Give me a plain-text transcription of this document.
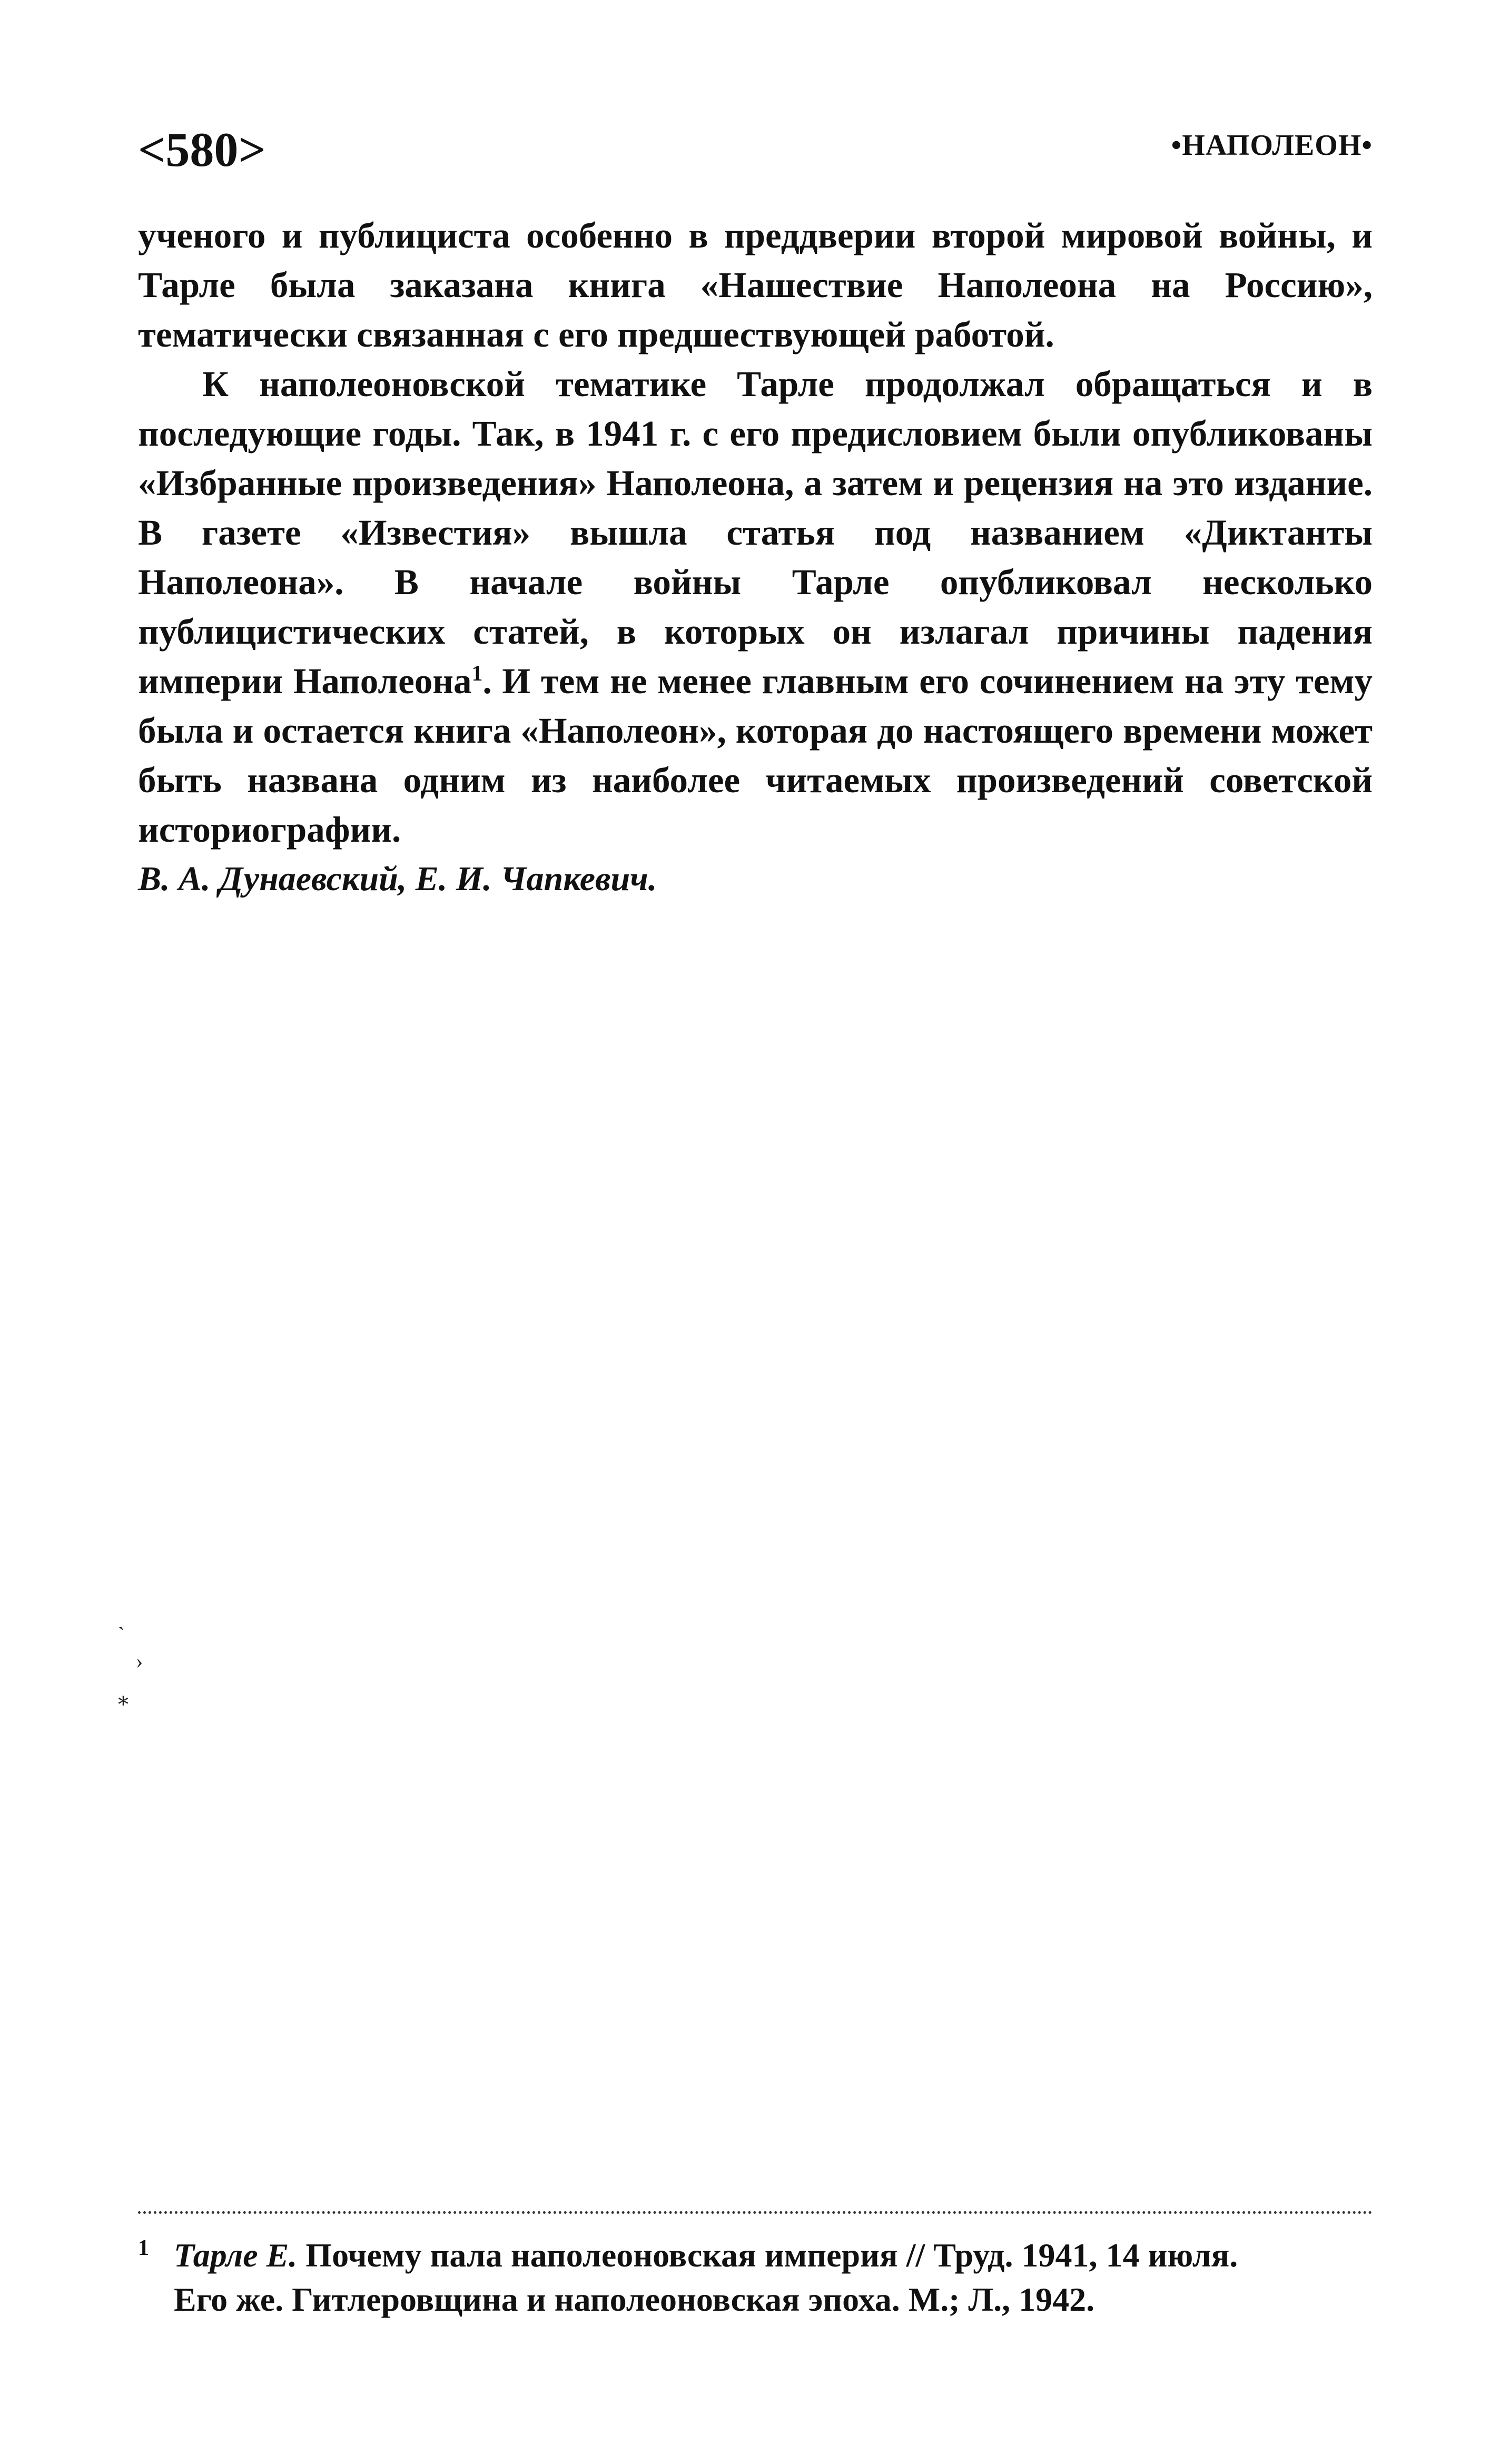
<580>	•НАПОЛЕОН•

ученого и публициста особенно в преддверии второй мировой войны, и Тарле была заказана книга «Нашествие Наполеона на Россию», тематически связанная с его предшествующей работой.

К наполеоновской тематике Тарле продолжал обращаться и в последующие годы. Так, в 1941 г. с его предисловием были опубликованы «Избранные произведения» Наполеона, а затем и рецензия на это издание. В газете «Известия» вышла статья под названием «Диктанты Наполеона». В начале войны Тарле опубликовал несколько публицистических статей, в которых он излагал причины падения империи Наполеона$^1$. И тем не менее главным его сочинением на эту тему была и остается книга «Наполеон», которая до настоящего времени может быть названа одним из наиболее читаемых произведений советской историографии.

В. А. Дунаевский, Е. И. Чапкевич.

`
›
⁎
1 Тарле Е. Почему пала наполеоновская империя // Труд. 1941, 14 июля.
Его же. Гитлеровщина и наполеоновская эпоха. М.; Л., 1942.
